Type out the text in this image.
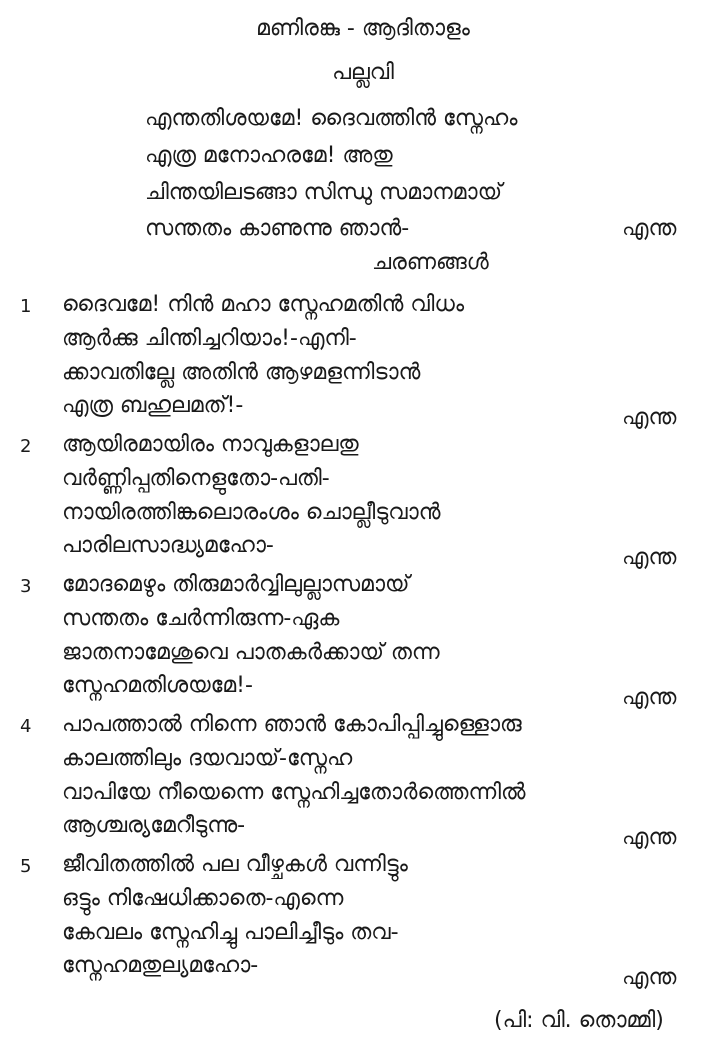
മണിരങ്കു - ആദിതാളം
പല്ലവി
എന്തതിശയമേ! ദൈവത്തിൻ സ്നേഹം
എത്ര മനോഹരമേ! അതു
ചിന്തയിലടങ്ങാ സിന്ധു സമാനമായ്
സന്തതം കാണുന്നു ഞാൻ-	എന്ത
ചരണങ്ങൾ
1 ദൈവമേ! നിൻ മഹാ സ്നേഹമതിൻ വിധം
ആർക്കു ചിന്തിച്ചറിയാം!-എനി-
ക്കാവതില്ലേ അതിൻ ആഴമളന്നിടാൻ
എത്ര ബഹുലമത്!-	എന്ത
2 ആയിരമായിരം നാവുകളാലതു
വർണ്ണിപ്പതിനെളുതോ-പതി-
നായിരത്തിങ്കലൊരംശം ചൊല്ലീടുവാൻ
പാരിലസാദ്ധ്യമഹോ-	എന്ത
3 മോദമെഴും തിരുമാർവ്വിലുല്ലാസമായ്
സന്തതം ചേർന്നിരുന്ന-ഏക
ജാതനാമേശുവെ പാതകർക്കായ് തന്ന
സ്നേഹമതിശയമേ!-	എന്ത
4 പാപത്താൽ നിന്നെ ഞാൻ കോപിപ്പിച്ചുള്ളൊരു
കാലത്തിലും ദയവായ്-സ്നേഹ
വാപിയേ നീയെന്നെ സ്നേഹിച്ചതോർത്തെന്നിൽ
ആശ്ചര്യമേറീടുന്നു-	എന്ത
5 ജീവിതത്തിൽ പല വീഴ്ചകൾ വന്നിട്ടും
ഒട്ടും നിഷേധിക്കാതെ-എന്നെ
കേവലം സ്നേഹിച്ചു പാലിച്ചീടും തവ-
സ്നേഹമതുല്യമഹോ-	എന്ത
(പി: വി. തൊമ്മി)
